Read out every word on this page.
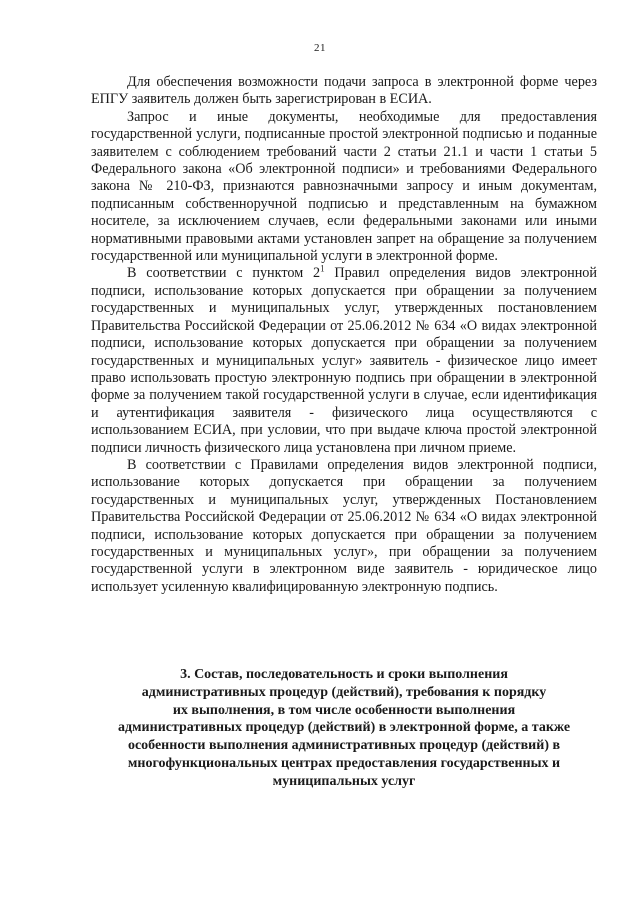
21

Для обеспечения возможности подачи запроса в электронной форме через ЕПГУ заявитель должен быть зарегистрирован в ЕСИА.

Запрос и иные документы, необходимые для предоставления государственной услуги, подписанные простой электронной подписью и поданные заявителем с соблюдением требований части 2 статьи 21.1 и части 1 статьи 5 Федерального закона «Об электронной подписи» и требованиями Федерального закона № 210-ФЗ, признаются равнозначными запросу и иным документам, подписанным собственноручной подписью и представленным на бумажном носителе, за исключением случаев, если федеральными законами или иными нормативными правовыми актами установлен запрет на обращение за получением государственной или муниципальной услуги в электронной форме.

В соответствии с пунктом $2^1$ Правил определения видов электронной подписи, использование которых допускается при обращении за получением государственных и муниципальных услуг, утвержденных постановлением Правительства Российской Федерации от 25.06.2012 № 634 «О видах электронной подписи, использование которых допускается при обращении за получением государственных и муниципальных услуг» заявитель - физическое лицо имеет право использовать простую электронную подпись при обращении в электронной форме за получением такой государственной услуги в случае, если идентификация и аутентификация заявителя - физического лица осуществляются с использованием ЕСИА, при условии, что при выдаче ключа простой электронной подписи личность физического лица установлена при личном приеме.

В соответствии с Правилами определения видов электронной подписи, использование которых допускается при обращении за получением государственных и муниципальных услуг, утвержденных Постановлением Правительства Российской Федерации от 25.06.2012 № 634 «О видах электронной подписи, использование которых допускается при обращении за получением государственных и муниципальных услуг», при обращении за получением государственной услуги в электронном виде заявитель - юридическое лицо использует усиленную квалифицированную электронную подпись.

3. Состав, последовательность и сроки выполнения
административных процедур (действий), требования к порядку
их выполнения, в том числе особенности выполнения
административных процедур (действий) в электронной форме, а также
особенности выполнения административных процедур (действий) в
многофункциональных центрах предоставления государственных и
муниципальных услуг
